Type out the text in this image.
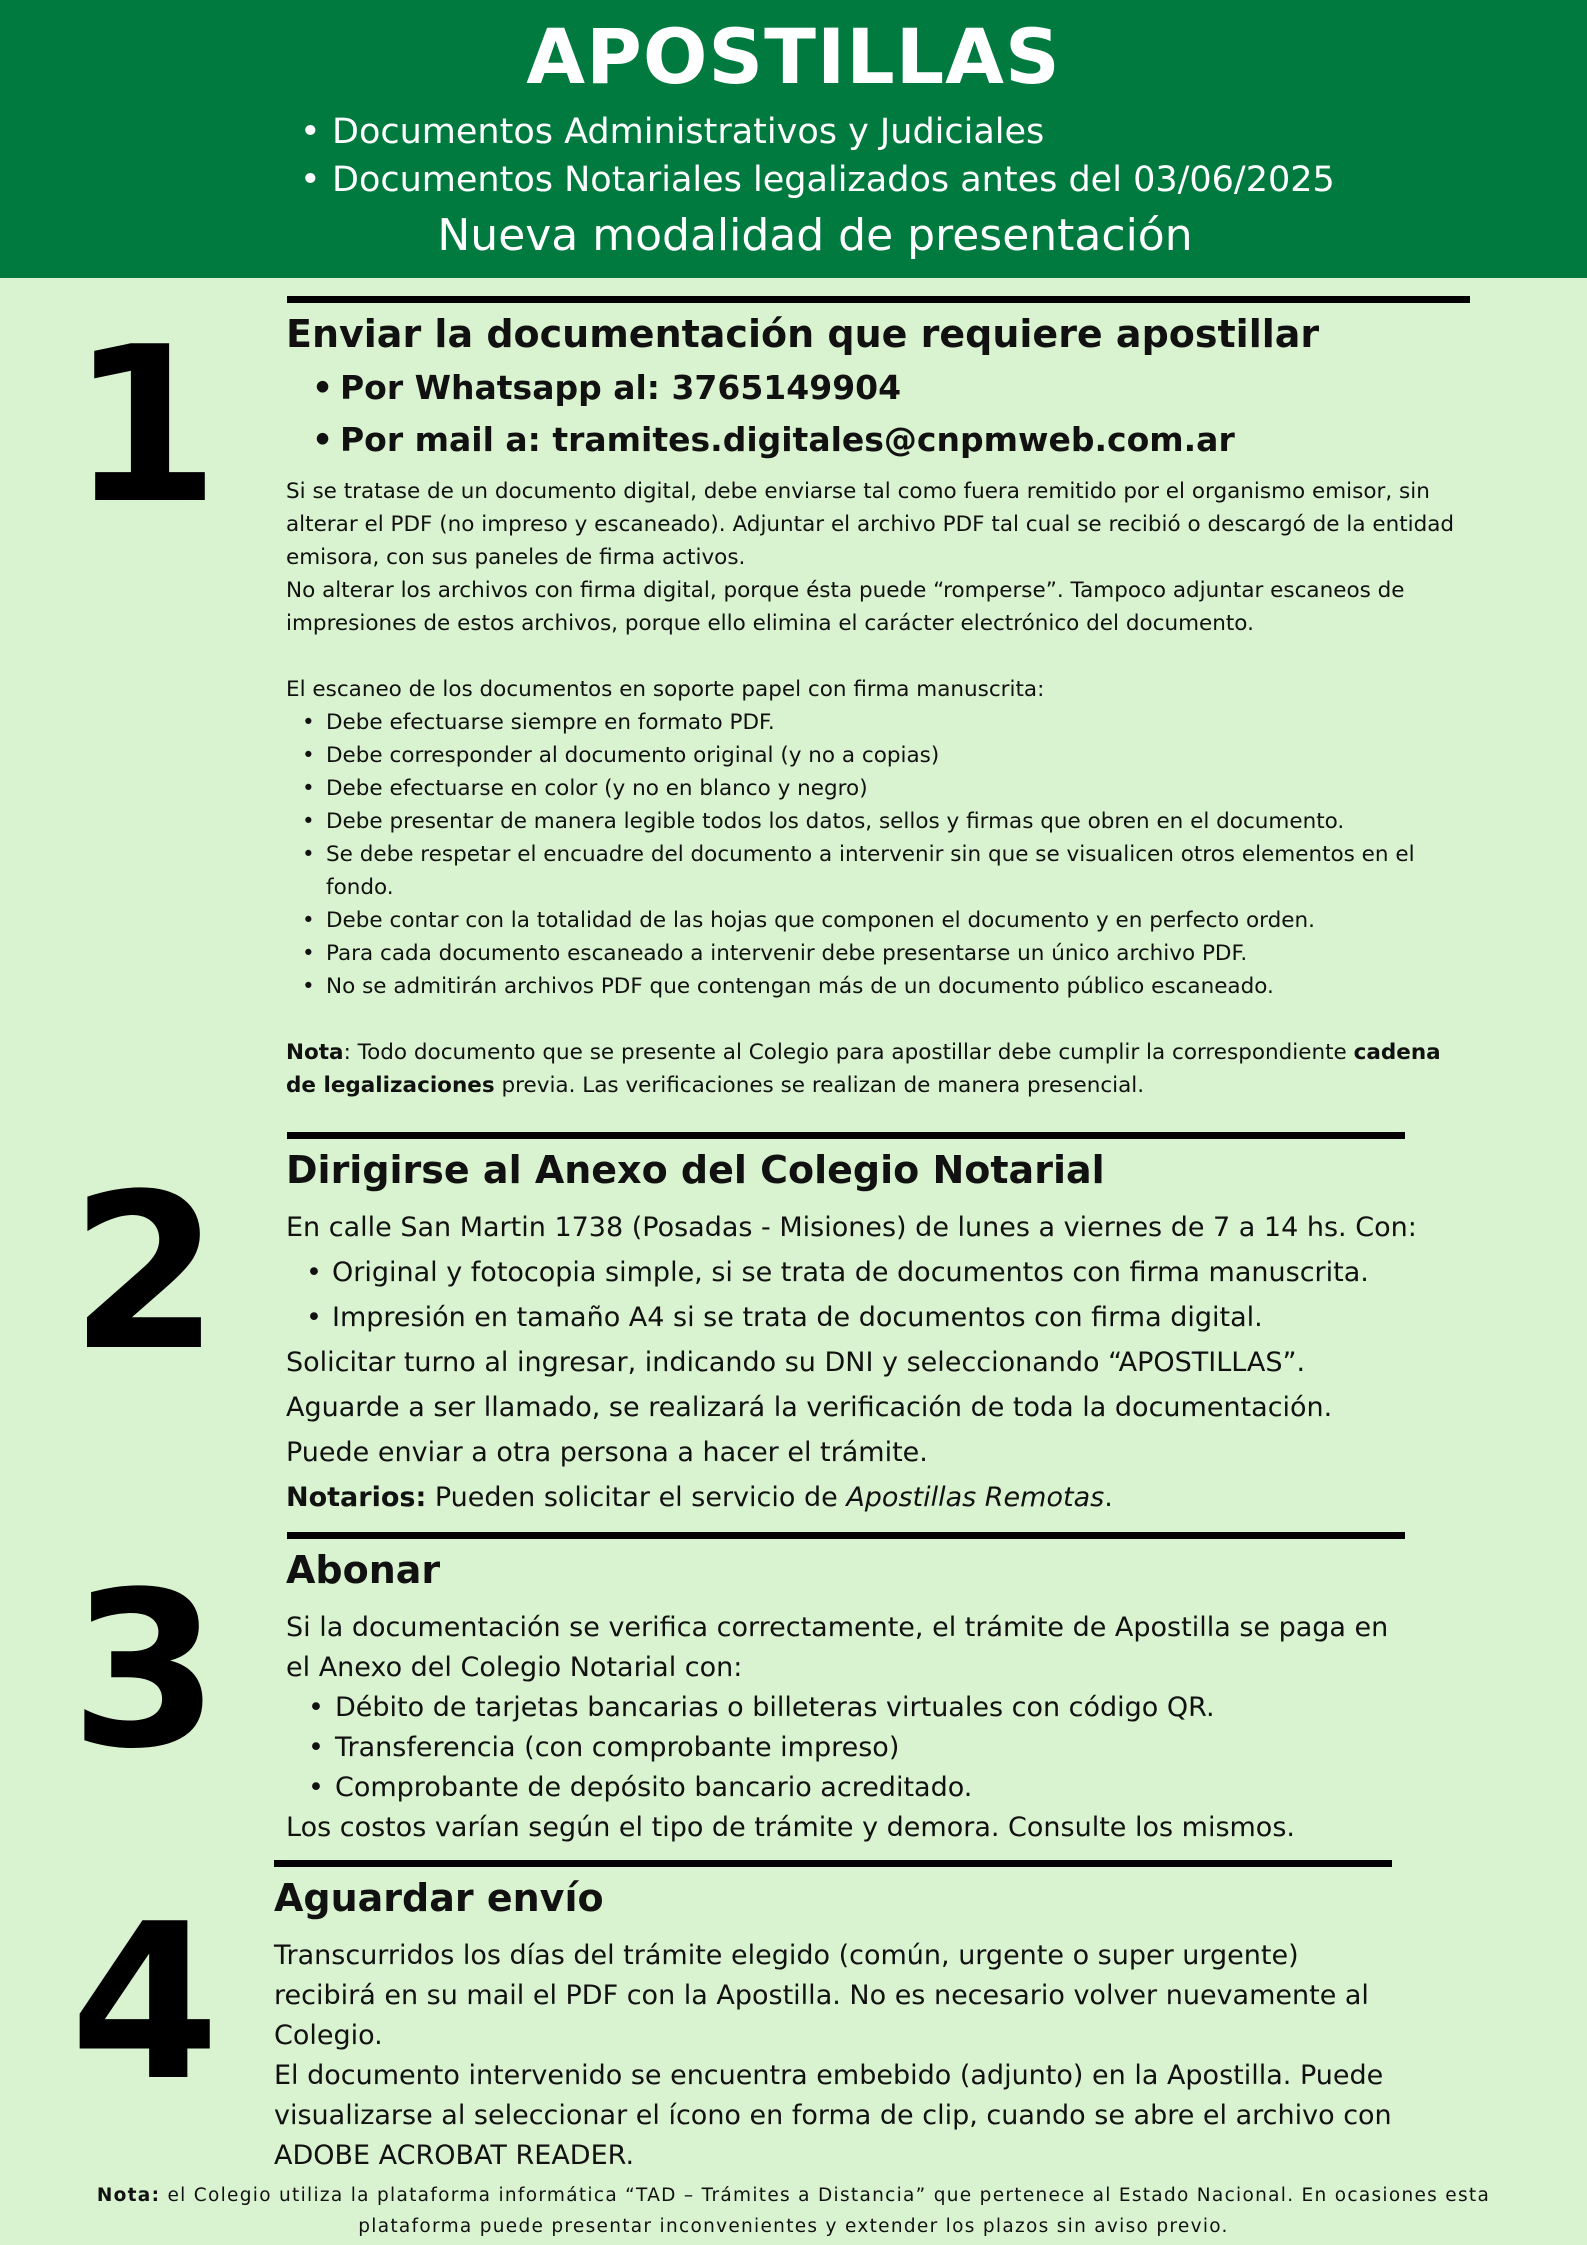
APOSTILLAS
• Documentos Administrativos y Judiciales
• Documentos Notariales legalizados antes del 03/06/2025
Nueva modalidad de presentación
1	Enviar la documentación que requiere apostillar
• Por Whatsapp al: 3765149904
• Por mail a: tramites.digitales@cnpmweb.com.ar

Si se tratase de un documento digital, debe enviarse tal como fuera remitido por el organismo emisor, sin alterar el PDF (no impreso y escaneado). Adjuntar el archivo PDF tal cual se recibió o descargó de la entidad emisora, con sus paneles de firma activos.

No alterar los archivos con firma digital, porque ésta puede “romperse”. Tampoco adjuntar escaneos de impresiones de estos archivos, porque ello elimina el carácter electrónico del documento.

El escaneo de los documentos en soporte papel con firma manuscrita:

• Debe efectuarse siempre en formato PDF.
• Debe corresponder al documento original (y no a copias)
• Debe efectuarse en color (y no en blanco y negro)
• Debe presentar de manera legible todos los datos, sellos y firmas que obren en el documento.
• Se debe respetar el encuadre del documento a intervenir sin que se visualicen otros elementos en el fondo.
• Debe contar con la totalidad de las hojas que componen el documento y en perfecto orden.
• Para cada documento escaneado a intervenir debe presentarse un único archivo PDF.
• No se admitirán archivos PDF que contengan más de un documento público escaneado.

Nota: Todo documento que se presente al Colegio para apostillar debe cumplir la correspondiente cadena de legalizaciones previa. Las verificaciones se realizan de manera presencial.

2	Dirigirse al Anexo del Colegio Notarial
En calle San Martin 1738 (Posadas - Misiones) de lunes a viernes de 7 a 14 hs. Con:
• Original y fotocopia simple, si se trata de documentos con firma manuscrita.
• Impresión en tamaño A4 si se trata de documentos con firma digital.
Solicitar turno al ingresar, indicando su DNI y seleccionando “APOSTILLAS”.
Aguarde a ser llamado, se realizará la verificación de toda la documentación.
Puede enviar a otra persona a hacer el trámite.
Notarios: Pueden solicitar el servicio de Apostillas Remotas.
3	Abonar
Si la documentación se verifica correctamente, el trámite de Apostilla se paga en el Anexo del Colegio Notarial con:
• Débito de tarjetas bancarias o billeteras virtuales con código QR.
• Transferencia (con comprobante impreso)
• Comprobante de depósito bancario acreditado.
Los costos varían según el tipo de trámite y demora. Consulte los mismos.
4	Aguardar envío
Transcurridos los días del trámite elegido (común, urgente o super urgente) recibirá en su mail el PDF con la Apostilla. No es necesario volver nuevamente al Colegio.
El documento intervenido se encuentra embebido (adjunto) en la Apostilla. Puede visualizarse al seleccionar el ícono en forma de clip, cuando se abre el archivo con ADOBE ACROBAT READER.
Nota: el Colegio utiliza la plataforma informática “TAD – Trámites a Distancia” que pertenece al Estado Nacional. En ocasiones esta plataforma puede presentar inconvenientes y extender los plazos sin aviso previo.
